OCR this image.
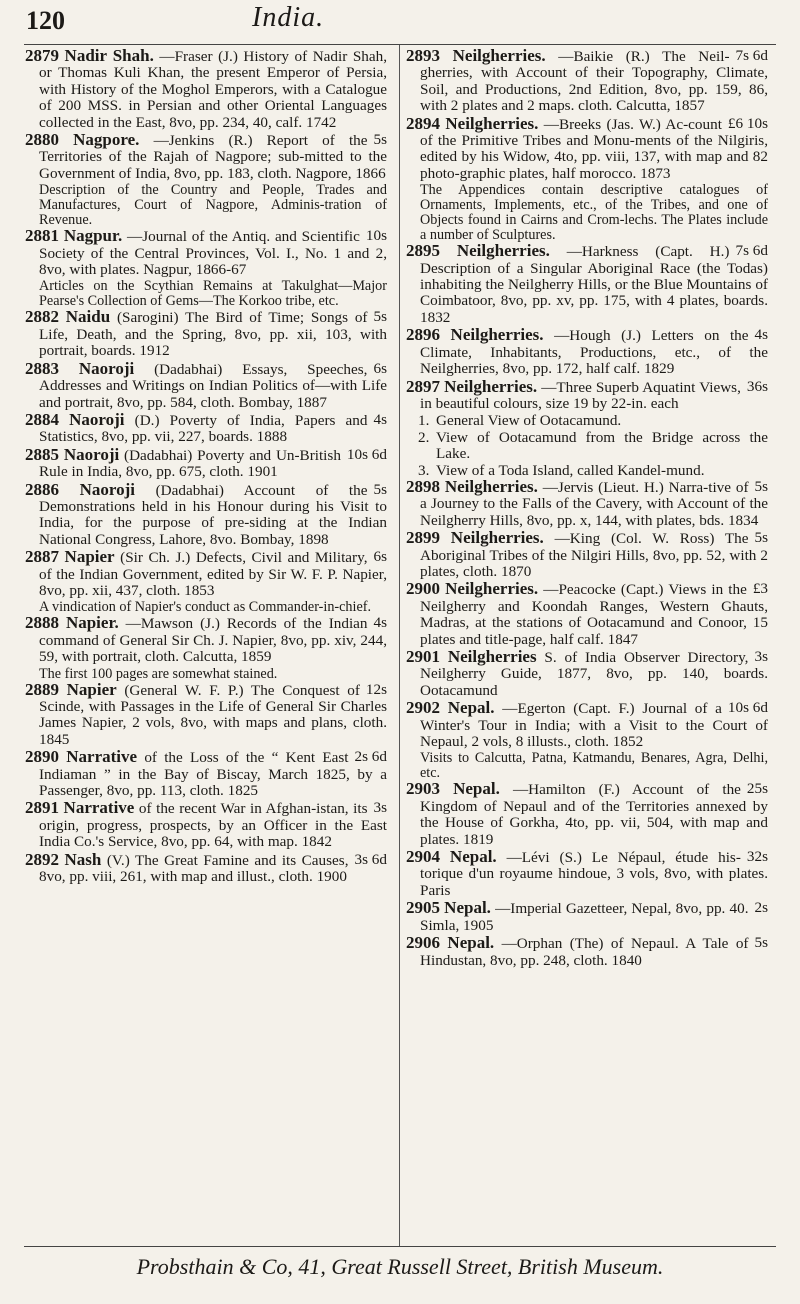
120	India.
2879 Nadir Shah. —Fraser (J.) History of Nadir Shah, or Thomas Kuli Khan, the present Emperor of Persia, with History of the Moghol Emperors, with a Catalogue of 200 MSS. in Persian and other Oriental Languages collected in the East, 8vo, pp. 234, 40, calf. 1742
5s
2880 Nagpore. —Jenkins (R.) Report of the Territories of the Rajah of Nagpore; sub-mitted to the Government of India, 8vo, pp. 183, cloth. Nagpore, 1866
Description of the Country and People, Trades and Manufactures, Court of Nagpore, Adminis-tration of Revenue.
10s
2881 Nagpur. —Journal of the Antiq. and Scientific Society of the Central Provinces, Vol. I., No. 1 and 2, 8vo, with plates. Nagpur, 1866-67
Articles on the Scythian Remains at Takulghat—Major Pearse's Collection of Gems—The Korkoo tribe, etc.
5s
2882 Naidu (Sarogini) The Bird of Time; Songs of Life, Death, and the Spring, 8vo, pp. xii, 103, with portrait, boards. 1912
6s
2883 Naoroji (Dadabhai) Essays, Speeches, Addresses and Writings on Indian Politics of—with Life and portrait, 8vo, pp. 584, cloth. Bombay, 1887
4s
2884 Naoroji (D.) Poverty of India, Papers and Statistics, 8vo, pp. vii, 227, boards. 1888
10s 6d
2885 Naoroji (Dadabhai) Poverty and Un-British Rule in India, 8vo, pp. 675, cloth. 1901
5s
2886 Naoroji (Dadabhai) Account of the Demonstrations held in his Honour during his Visit to India, for the purpose of pre-siding at the Indian National Congress, Lahore, 8vo. Bombay, 1898
6s
2887 Napier (Sir Ch. J.) Defects, Civil and Military, of the Indian Government, edited by Sir W. F. P. Napier, 8vo, pp. xii, 437, cloth. 1853
A vindication of Napier's conduct as Commander-in-chief.
4s
2888 Napier. —Mawson (J.) Records of the Indian command of General Sir Ch. J. Napier, 8vo, pp. xiv, 244, 59, with portrait, cloth. Calcutta, 1859
The first 100 pages are somewhat stained.
12s
2889 Napier (General W. F. P.) The Conquest of Scinde, with Passages in the Life of General Sir Charles James Napier, 2 vols, 8vo, with maps and plans, cloth. 1845
2s 6d
2890 Narrative of the Loss of the “ Kent East Indiaman ” in the Bay of Biscay, March 1825, by a Passenger, 8vo, pp. 113, cloth. 1825
3s
2891 Narrative of the recent War in Afghan-istan, its origin, progress, prospects, by an Officer in the East India Co.'s Service, 8vo, pp. 64, with map. 1842
3s 6d
2892 Nash (V.) The Great Famine and its Causes, 8vo, pp. viii, 261, with map and illust., cloth. 1900
7s 6d
2893 Neilgherries. —Baikie (R.) The Neil-gherries, with Account of their Topography, Climate, Soil, and Productions, 2nd Edition, 8vo, pp. 159, 86, with 2 plates and 2 maps. cloth. Calcutta, 1857
£6 10s
2894 Neilgherries. —Breeks (Jas. W.) Ac-count of the Primitive Tribes and Monu-ments of the Nilgiris, edited by his Widow, 4to, pp. viii, 137, with map and 82 photo-graphic plates, half morocco. 1873
The Appendices contain descriptive catalogues of Ornaments, Implements, etc., of the Tribes, and one of Objects found in Cairns and Crom-lechs. The Plates include a number of Sculptures.
7s 6d
2895 Neilgherries. —Harkness (Capt. H.) Description of a Singular Aboriginal Race (the Todas) inhabiting the Neilgherry Hills, or the Blue Mountains of Coimbatoor, 8vo, pp. xv, pp. 175, with 4 plates, boards. 1832
4s
2896 Neilgherries. —Hough (J.) Letters on the Climate, Inhabitants, Productions, etc., of the Neilgherries, 8vo, pp. 172, half calf. 1829
36s
2897 Neilgherries. —Three Superb Aquatint Views, in beautiful colours, size 19 by 22-in. each
1. General View of Ootacamund.
2. View of Ootacamund from the Bridge across the Lake.
3. View of a Toda Island, called Kandel-mund.
5s
2898 Neilgherries. —Jervis (Lieut. H.) Narra-tive of a Journey to the Falls of the Cavery, with Account of the Neilgherry Hills, 8vo, pp. x, 144, with plates, bds. 1834
5s
2899 Neilgherries. —King (Col. W. Ross) The Aboriginal Tribes of the Nilgiri Hills, 8vo, pp. 52, with 2 plates, cloth. 1870
£3
2900 Neilgherries. —Peacocke (Capt.) Views in the Neilgherry and Koondah Ranges, Western Ghauts, Madras, at the stations of Ootacamund and Conoor, 15 plates and title-page, half calf. 1847
3s
2901 Neilgherries S. of India Observer Directory, Neilgherry Guide, 1877, 8vo, pp. 140, boards. Ootacamund
10s 6d
2902 Nepal. —Egerton (Capt. F.) Journal of a Winter's Tour in India; with a Visit to the Court of Nepaul, 2 vols, 8 illusts., cloth. 1852
Visits to Calcutta, Patna, Katmandu, Benares, Agra, Delhi, etc.
25s
2903 Nepal. —Hamilton (F.) Account of the Kingdom of Nepaul and of the Territories annexed by the House of Gorkha, 4to, pp. vii, 504, with map and plates. 1819
32s
2904 Nepal. —Lévi (S.) Le Népaul, étude his-torique d'un royaume hindoue, 3 vols, 8vo, with plates. Paris
2s
2905 Nepal. —Imperial Gazetteer, Nepal, 8vo, pp. 40. Simla, 1905
5s
2906 Nepal. —Orphan (The) of Nepaul. A Tale of Hindustan, 8vo, pp. 248, cloth. 1840
Probsthain & Co, 41, Great Russell Street, British Museum.
